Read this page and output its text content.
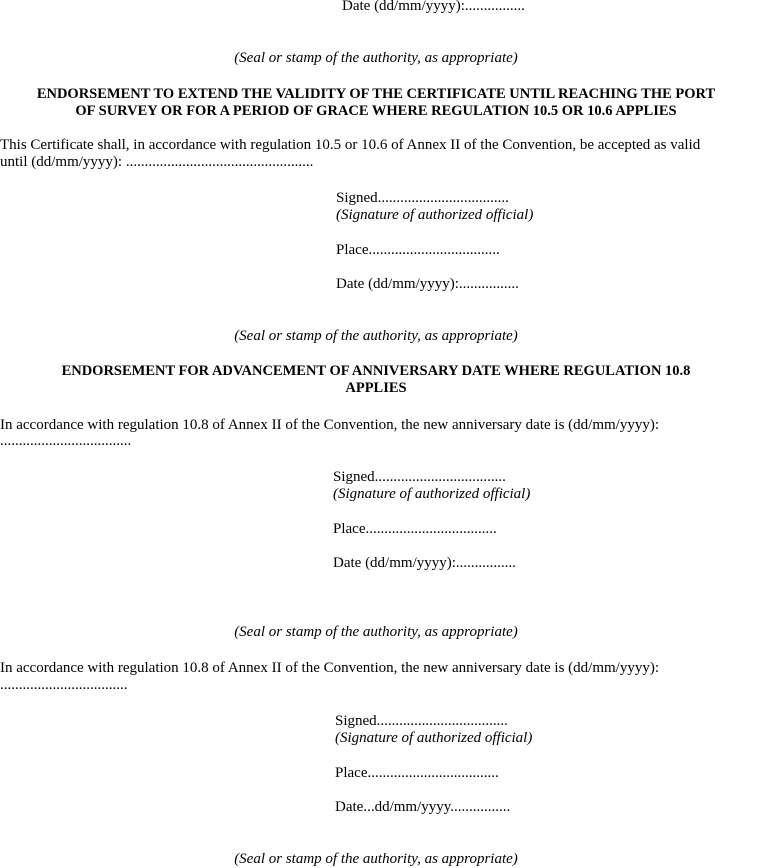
Date (dd/mm/yyyy):................

(Seal or stamp of the authority, as appropriate)

ENDORSEMENT TO EXTEND THE VALIDITY OF THE CERTIFICATE UNTIL REACHING THE PORT

OF SURVEY OR FOR A PERIOD OF GRACE WHERE REGULATION 10.5 OR 10.6 APPLIES

This Certificate shall, in accordance with regulation 10.5 or 10.6 of Annex II of the Convention, be accepted as valid

until (dd/mm/yyyy): ..................................................

Signed...................................

(Signature of authorized official)

Place...................................

Date (dd/mm/yyyy):................

(Seal or stamp of the authority, as appropriate)

ENDORSEMENT FOR ADVANCEMENT OF ANNIVERSARY DATE WHERE REGULATION 10.8

APPLIES

In accordance with regulation 10.8 of Annex II of the Convention, the new anniversary date is (dd/mm/yyyy):

...................................

Signed...................................

(Signature of authorized official)

Place...................................

Date (dd/mm/yyyy):................

(Seal or stamp of the authority, as appropriate)

In accordance with regulation 10.8 of Annex II of the Convention, the new anniversary date is (dd/mm/yyyy):

..................................

Signed...................................

(Signature of authorized official)

Place...................................

Date...dd/mm/yyyy................

(Seal or stamp of the authority, as appropriate)
